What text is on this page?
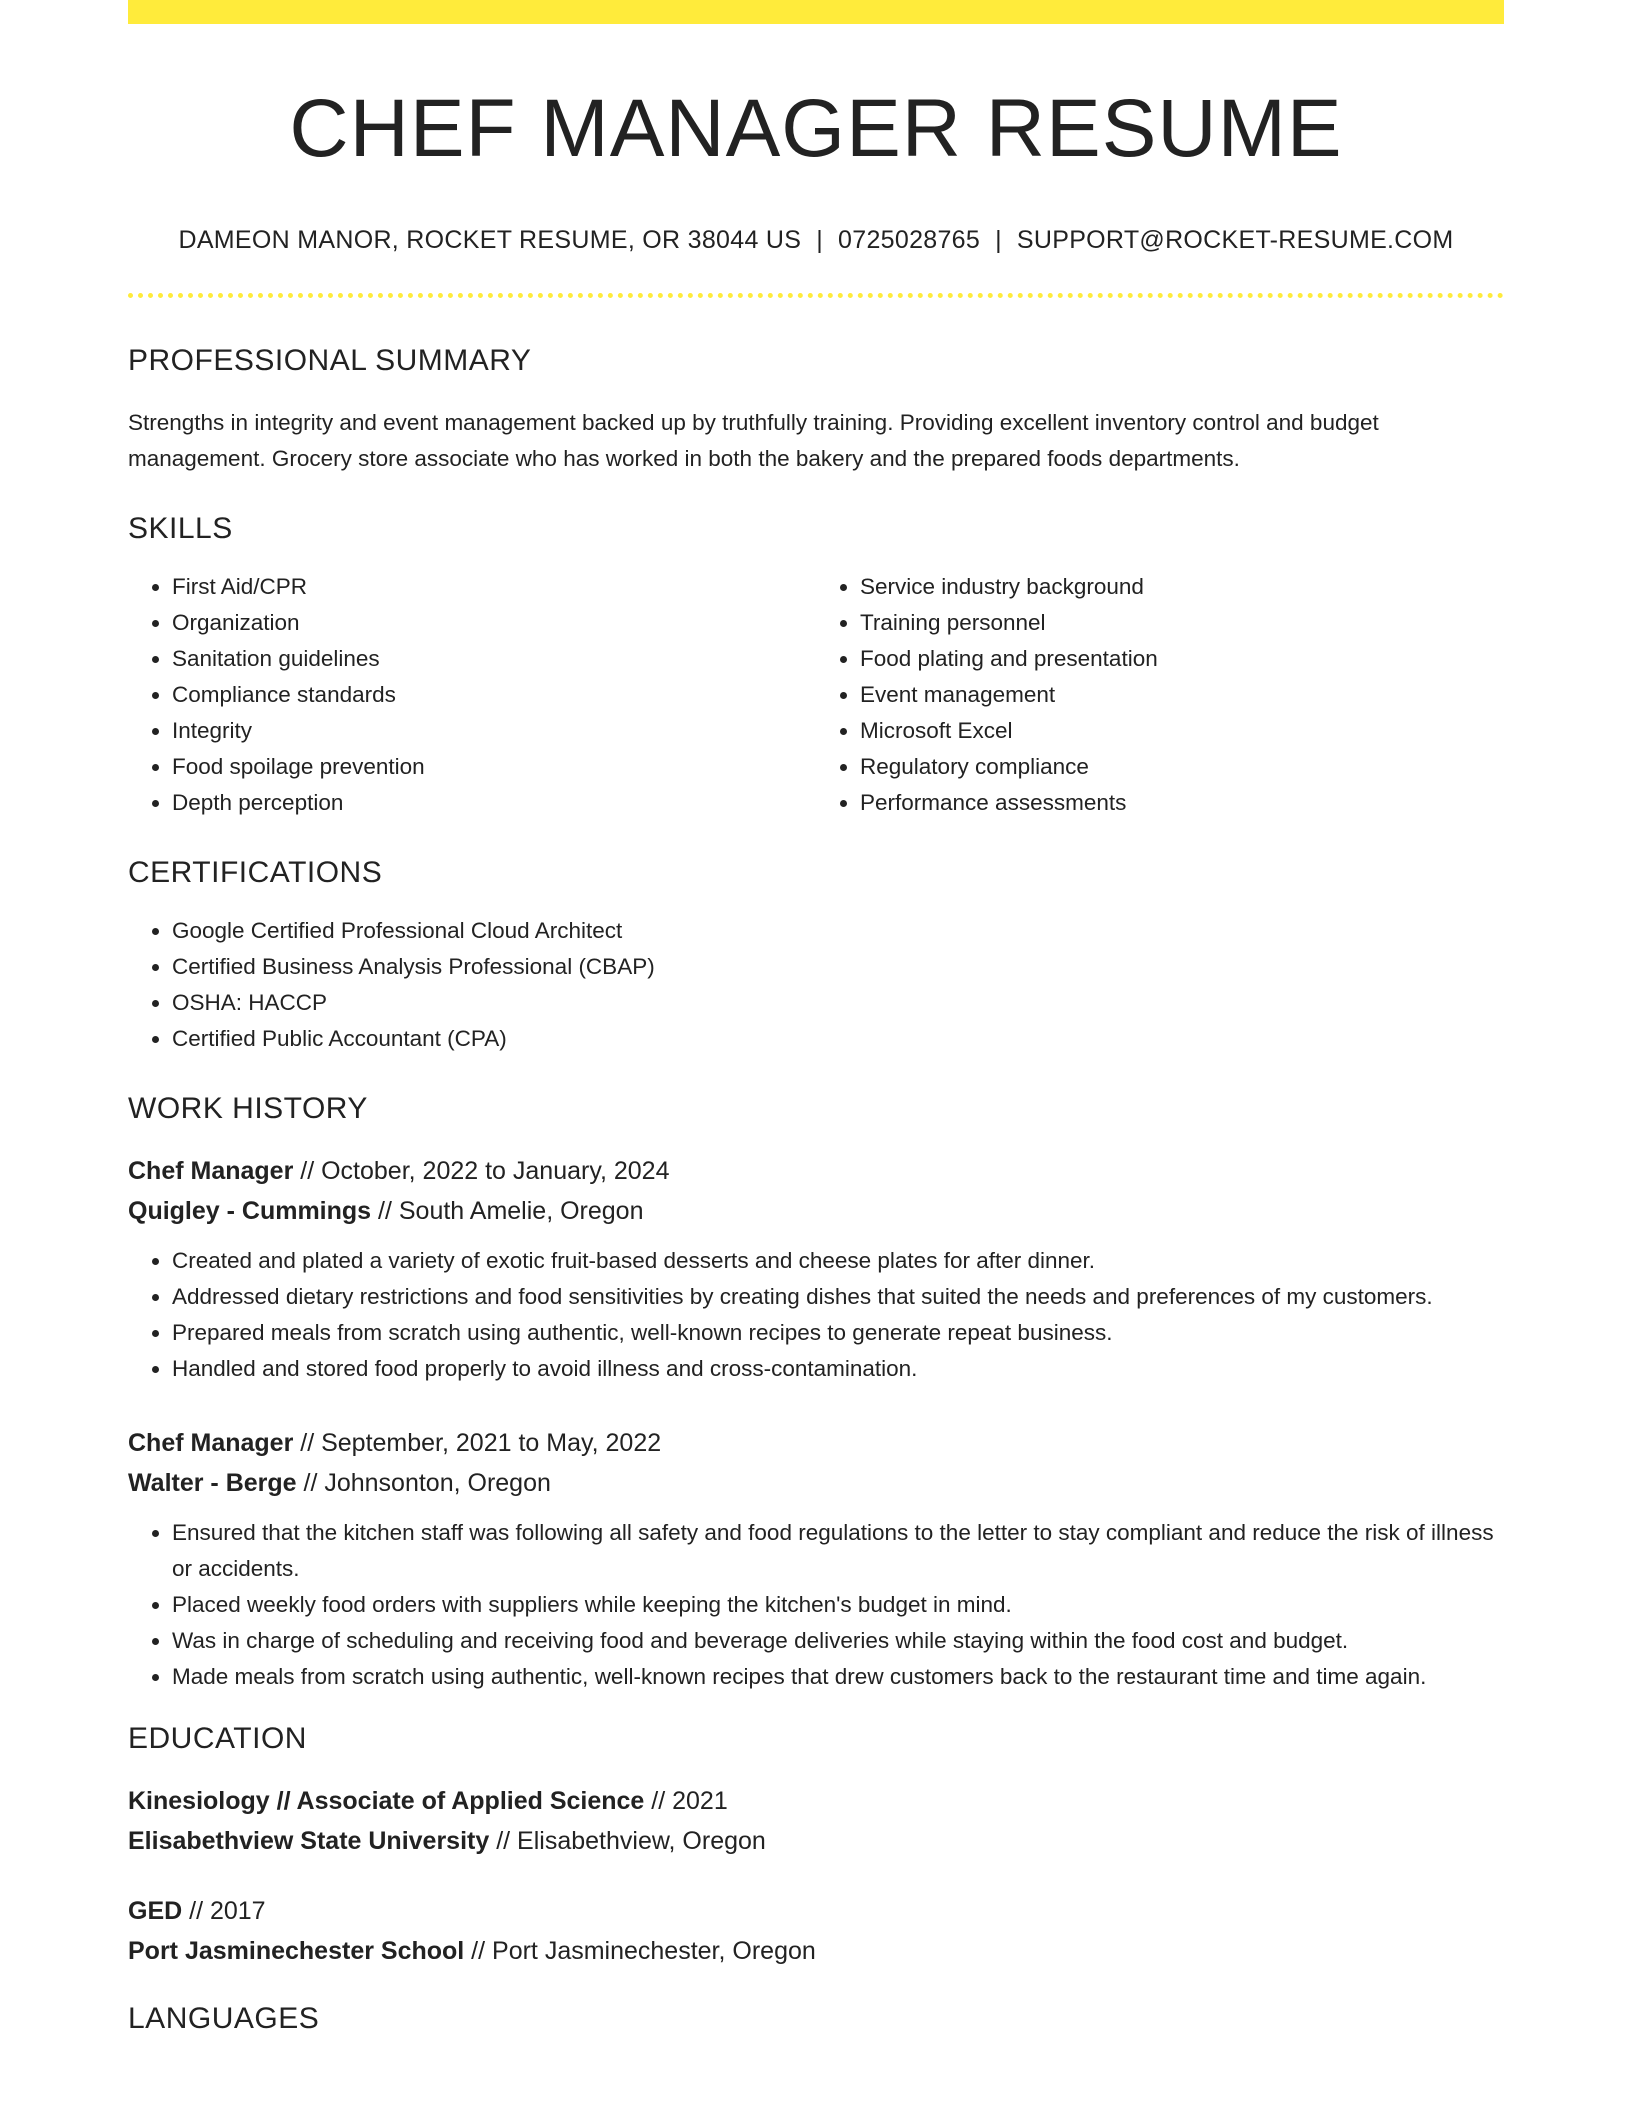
CHEF MANAGER RESUME
DAMEON MANOR, ROCKET RESUME, OR 38044 US | 0725028765 | SUPPORT@ROCKET-RESUME.COM
PROFESSIONAL SUMMARY

Strengths in integrity and event management backed up by truthfully training. Providing excellent inventory control and budget management. Grocery store associate who has worked in both the bakery and the prepared foods departments.

SKILLS
• First Aid/CPR
• Organization
• Sanitation guidelines
• Compliance standards
• Integrity
• Food spoilage prevention
• Depth perception
• Service industry background
• Training personnel
• Food plating and presentation
• Event management
• Microsoft Excel
• Regulatory compliance
• Performance assessments
CERTIFICATIONS
• Google Certified Professional Cloud Architect
• Certified Business Analysis Professional (CBAP)
• OSHA: HACCP
• Certified Public Accountant (CPA)
WORK HISTORY
Chef Manager // October, 2022 to January, 2024
Quigley - Cummings // South Amelie, Oregon
• Created and plated a variety of exotic fruit-based desserts and cheese plates for after dinner.
• Addressed dietary restrictions and food sensitivities by creating dishes that suited the needs and preferences of my customers.
• Prepared meals from scratch using authentic, well-known recipes to generate repeat business.
• Handled and stored food properly to avoid illness and cross-contamination.
Chef Manager // September, 2021 to May, 2022
Walter - Berge // Johnsonton, Oregon
• Ensured that the kitchen staff was following all safety and food regulations to the letter to stay compliant and reduce the risk of illness or accidents.
• Placed weekly food orders with suppliers while keeping the kitchen's budget in mind.
• Was in charge of scheduling and receiving food and beverage deliveries while staying within the food cost and budget.
• Made meals from scratch using authentic, well-known recipes that drew customers back to the restaurant time and time again.
EDUCATION
Kinesiology // Associate of Applied Science // 2021
Elisabethview State University // Elisabethview, Oregon
GED // 2017
Port Jasminechester School // Port Jasminechester, Oregon
LANGUAGES
